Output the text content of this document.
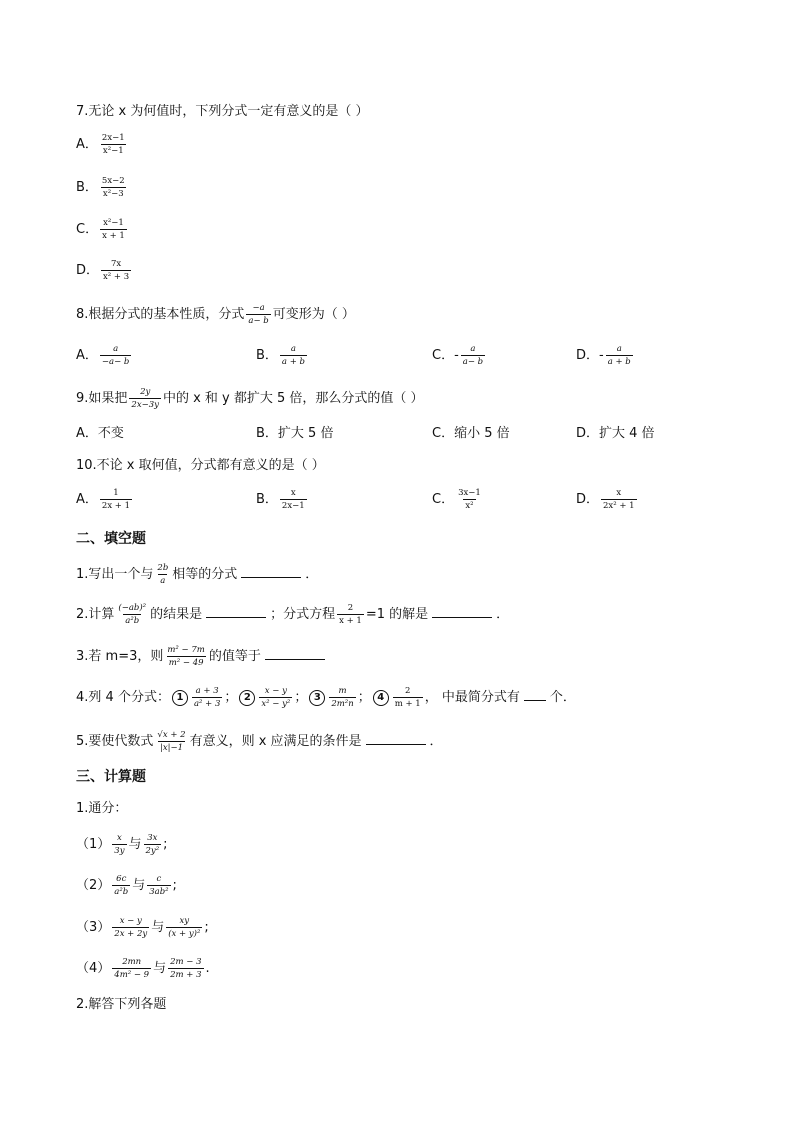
7.无论 x 为何值时，下列分式一定有意义的是（ ）
A． $\frac{2x-1}{\text{x²−1}}$
B． $\frac{5x-2}{\text{x²−3}}$
C． $\frac{\text{x²−1}}{x + 1}$
D． $\frac{7x}{\text{x² + 3}}$
8.根据分式的基本性质，分式 $\frac{-a}{a- b}$ 可变形为（ ）
A． $\frac{a}{-a- b}$	B． $\frac{a}{a + b}$	C．- $\frac{a}{a- b}$	D．- $\frac{a}{a + b}$
9.如果把 $\frac{2y}{2x-3y}$ 中的 x 和 y 都扩大 5 倍，那么分式的值（ ）
A．不变	B．扩大 5 倍	C．缩小 5 倍	D．扩大 4 倍
10.不论 x 取何值，分式都有意义的是（ ）
A． $\frac{1}{2x + 1}$	B． $\frac{x}{2x-1}$	C． $\frac{3x-1}{\text{x²}}$	D． $\frac{x}{\text{2x² + 1}}$
二、填空题
1.写出一个与 $\frac{2b}{a}$ 相等的分式	．
2.计算 $\frac{\text{(−ab)²}}{\text{a²b}}$ 的结果是	；分式方程 $\frac{2}{x + 1} =1$ 的解是	．
3.若 m=3，则 $\frac{\text{m² − 7m}}{\text{m² − 49}}$ 的值等于
4.列 4 个分式： $1 \frac{a + 3}{\text{a² + 3}}$ ； $2 \frac{x - y}{\text{x² − y²}}$ ； $3 \frac{m}{\text{2m²n}}$ ； $4 \frac{2}{m + 1}$ ， 中最简分式有 个．
5.要使代数式 $\frac{√x + 2}{|x|-1}$ 有意义，则 x 应满足的条件是	．
三、计算题
1.通分：
$(1) \frac{x}{3y}$ 与 $\frac{3x}{\text{2y²}}$ ;
$(2) \frac{6c}{\text{a²b}}$ 与 $\frac{c}{\text{3ab²}}$ ;
$(3) \frac{x - y}{2x + 2y}$ 与 $\frac{xy}{\text{(x + y)²}}$ ;
$(4) \frac{2mn}{\text{4m² − 9}}$ 与 $\frac{2m - 3}{2m + 3}$ .
2.解答下列各题
